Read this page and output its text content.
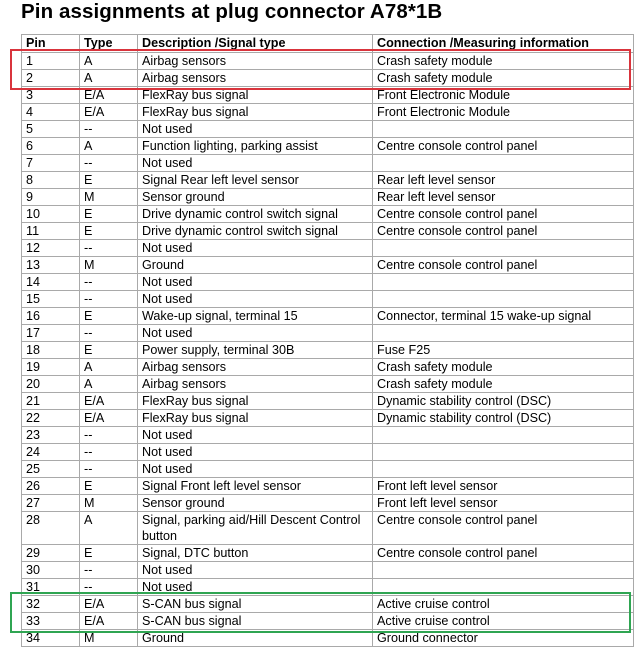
Pin assignments at plug connector A78*1B
Pin	Type	Description /Signal type	Connection /Measuring information
1	A	Airbag sensors	Crash safety module
2	A	Airbag sensors	Crash safety module
3	E/A	FlexRay bus signal	Front Electronic Module
4	E/A	FlexRay bus signal	Front Electronic Module
5	--	Not used	
6	A	Function lighting, parking assist	Centre console control panel
7	--	Not used	
8	E	Signal Rear left level sensor	Rear left level sensor
9	M	Sensor ground	Rear left level sensor
10	E	Drive dynamic control switch signal	Centre console control panel
11	E	Drive dynamic control switch signal	Centre console control panel
12	--	Not used	
13	M	Ground	Centre console control panel
14	--	Not used	
15	--	Not used	
16	E	Wake-up signal, terminal 15	Connector, terminal 15 wake-up signal
17	--	Not used	
18	E	Power supply, terminal 30B	Fuse F25
19	A	Airbag sensors	Crash safety module
20	A	Airbag sensors	Crash safety module
21	E/A	FlexRay bus signal	Dynamic stability control (DSC)
22	E/A	FlexRay bus signal	Dynamic stability control (DSC)
23	--	Not used	
24	--	Not used	
25	--	Not used	
26	E	Signal Front left level sensor	Front left level sensor
27	M	Sensor ground	Front left level sensor
28	A	Signal, parking aid/Hill Descent Control button	Centre console control panel
29	E	Signal, DTC button	Centre console control panel
30	--	Not used	
31	--	Not used	
32	E/A	S-CAN bus signal	Active cruise control
33	E/A	S-CAN bus signal	Active cruise control
34	M	Ground	Ground connector
